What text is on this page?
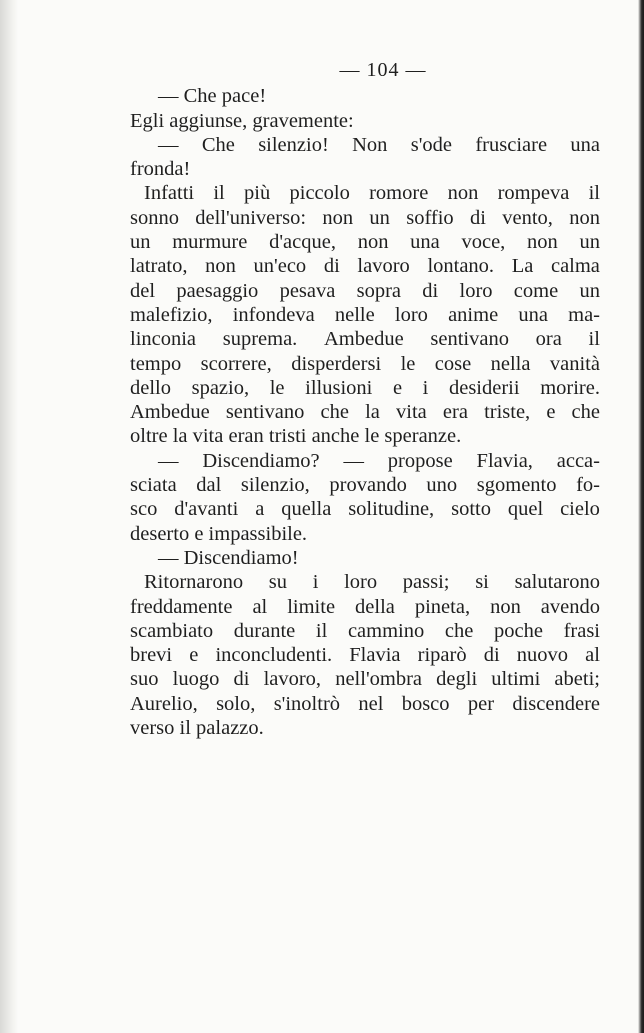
— 104 —
— Che pace!
Egli aggiunse, gravemente:
— Che silenzio! Non s'ode frusciare una
fronda!
Infatti il più piccolo romore non rompeva il
sonno dell'universo: non un soffio di vento, non
un murmure d'acque, non una voce, non un
latrato, non un'eco di lavoro lontano. La calma
del paesaggio pesava sopra di loro come un
malefizio, infondeva nelle loro anime una ma-
linconia suprema. Ambedue sentivano ora il
tempo scorrere, disperdersi le cose nella vanità
dello spazio, le illusioni e i desiderii morire.
Ambedue sentivano che la vita era triste, e che
oltre la vita eran tristi anche le speranze.
— Discendiamo? — propose Flavia, acca-
sciata dal silenzio, provando uno sgomento fo-
sco d'avanti a quella solitudine, sotto quel cielo
deserto e impassibile.
— Discendiamo!
Ritornarono su i loro passi; si salutarono
freddamente al limite della pineta, non avendo
scambiato durante il cammino che poche frasi
brevi e inconcludenti. Flavia riparò di nuovo al
suo luogo di lavoro, nell'ombra degli ultimi abeti;
Aurelio, solo, s'inoltrò nel bosco per discendere
verso il palazzo.
